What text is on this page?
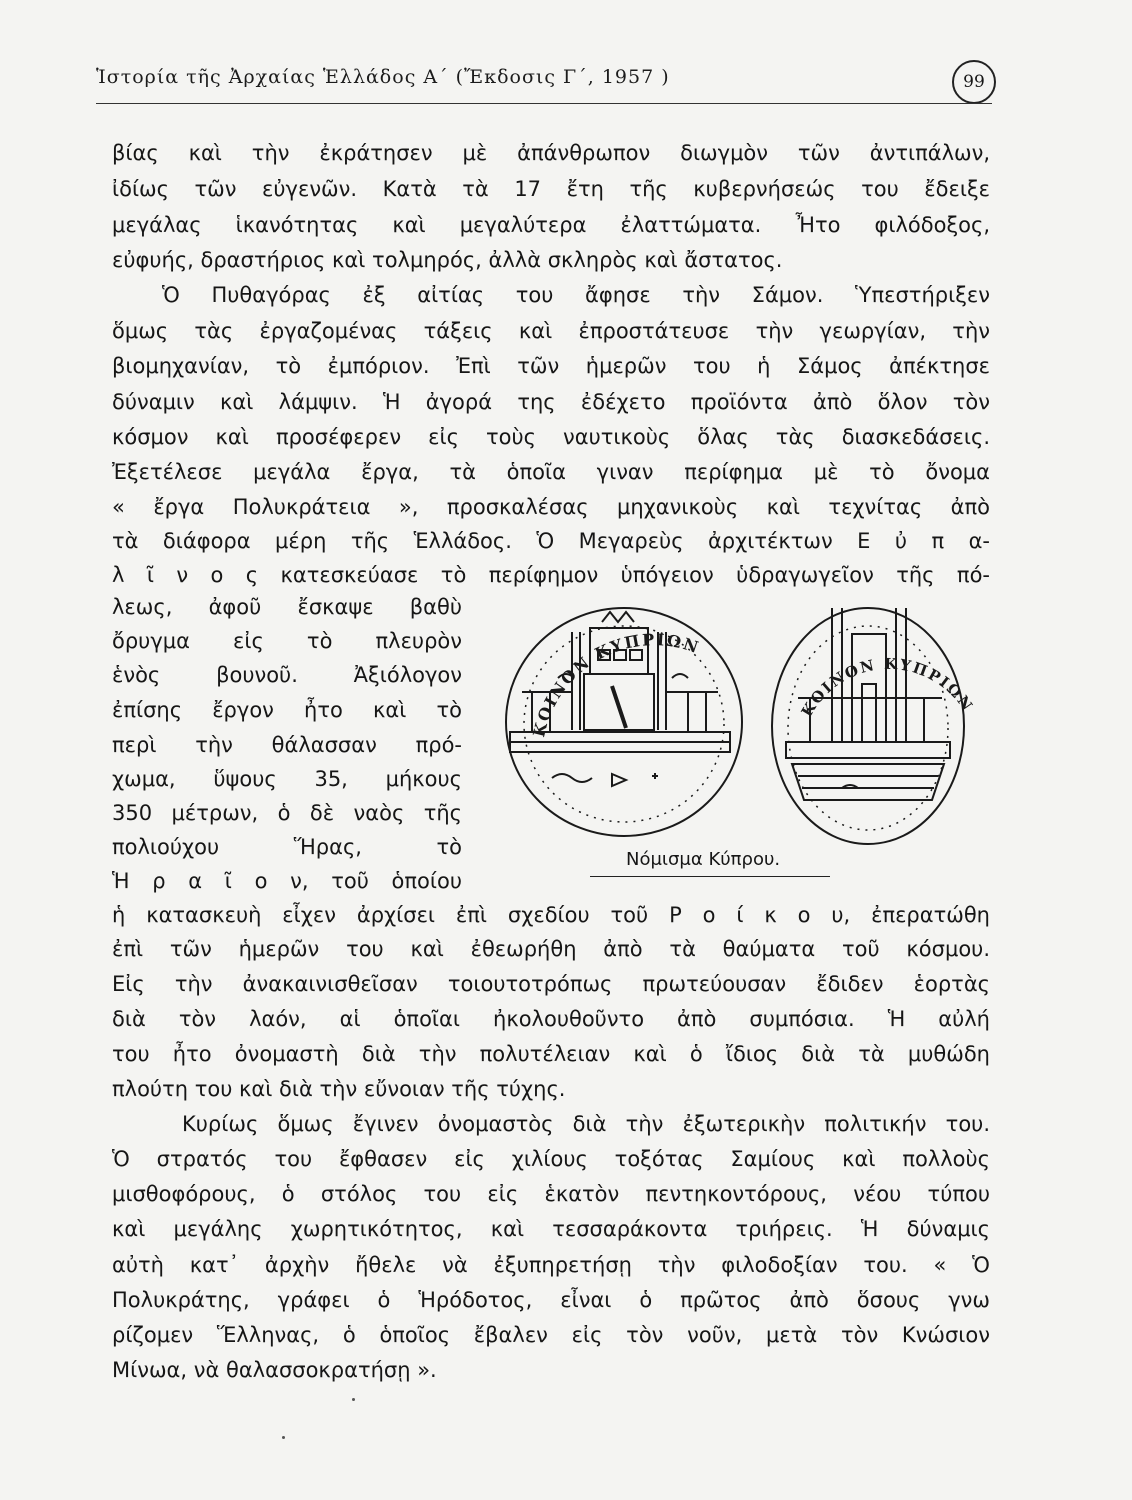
Ἱστορία τῆς Ἀρχαίας Ἑλλάδος Α΄ (Ἔκδοσις Γ΄, 1957 )	99
βίας καὶ τὴν ἐκράτησεν μὲ ἀπάνθρωπον διωγμὸν τῶν ἀντιπάλων,
ἰδίως τῶν εὐγενῶν. Κατὰ τὰ 17 ἔτη τῆς κυβερνήσεώς του ἔδειξε
μεγάλας ἱκανότητας καὶ μεγαλύτερα ἐλαττώματα. Ἦτο φιλόδοξος,
εὐφυής, δραστήριος καὶ τολμηρός, ἀλλὰ σκληρὸς καὶ ἄστατος.
Ὁ Πυθαγόρας ἐξ αἰτίας του ἄφησε τὴν Σάμον. Ὑπεστήριξεν
ὅμως τὰς ἐργαζομένας τάξεις καὶ ἐπροστάτευσε τὴν γεωργίαν, τὴν
βιομηχανίαν, τὸ ἐμπόριον. Ἐπὶ τῶν ἡμερῶν του ἡ Σάμος ἀπέκτησε
δύναμιν καὶ λάμψιν. Ἡ ἀγορά της ἐδέχετο προϊόντα ἀπὸ ὅλον τὸν
κόσμον καὶ προσέφερεν εἰς τοὺς ναυτικοὺς ὅλας τὰς διασκεδάσεις.
Ἐξετέλεσε μεγάλα ἔργα, τὰ ὁποῖα γιναν περίφημα μὲ τὸ ὄνομα
« ἔργα Πολυκράτεια », προσκαλέσας μηχανικοὺς καὶ τεχνίτας ἀπὸ
τὰ διάφορα μέρη τῆς Ἑλλάδος. Ὁ Μεγαρεὺς ἀρχιτέκτων Ε ὐ π α-
λ ῖ ν ο ς κατεσκεύασε τὸ περίφημον ὑπόγειον ὑδραγωγεῖον τῆς πό-
λεως, ἀφοῦ ἔσκαψε βαθὺ
ὄρυγμα εἰς τὸ πλευρὸν
ἑνὸς βουνοῦ. Ἀξιόλογον
ἐπίσης ἔργον ἦτο καὶ τὸ
περὶ τὴν θάλασσαν πρό-
χωμα, ὕψους 35, μήκους
350 μέτρων, ὁ δὲ ναὸς τῆς
πολιούχου Ἥρας, τὸ
Ἡ ρ α ῖ ο ν, τοῦ ὁποίου
ἡ κατασκευὴ εἶχεν ἀρχίσει ἐπὶ σχεδίου τοῦ Ρ ο ί κ ο υ, ἐπερατώθη
ἐπὶ τῶν ἡμερῶν του καὶ ἐθεωρήθη ἀπὸ τὰ θαύματα τοῦ κόσμου.
Εἰς τὴν ἀνακαινισθεῖσαν τοιουτοτρόπως πρωτεύουσαν ἔδιδεν ἑορτὰς
διὰ τὸν λαόν, αἱ ὁποῖαι ἠκολουθοῦντο ἀπὸ συμπόσια. Ἡ αὐλή
του ἦτο ὀνομαστὴ διὰ τὴν πολυτέλειαν καὶ ὁ ἴδιος διὰ τὰ μυθώδη
πλούτη του καὶ διὰ τὴν εὔνοιαν τῆς τύχης.
Κυρίως ὅμως ἔγινεν ὀνομαστὸς διὰ τὴν ἐξωτερικὴν πολιτικήν του.
Ὁ στρατός του ἔφθασεν εἰς χιλίους τοξότας Σαμίους καὶ πολλοὺς
μισθοφόρους, ὁ στόλος του εἰς ἑκατὸν πεντηκοντόρους, νέου τύπου
καὶ μεγάλης χωρητικότητος, καὶ τεσσαράκοντα τριήρεις. Ἡ δύναμις
αὐτὴ κατ᾽ ἀρχὴν ἤθελε νὰ ἐξυπηρετήσῃ τὴν φιλοδοξίαν του. « Ὁ
Πολυκράτης, γράφει ὁ Ἡρόδοτος, εἶναι ὁ πρῶτος ἀπὸ ὅσους γνω
ρίζομεν Ἕλληνας, ὁ ὁποῖος ἔβαλεν εἰς τὸν νοῦν, μετὰ τὸν Κνώσιον
Μίνωα, νὰ θαλασσοκρατήσῃ ».
ΚΟΙΝΟΝ ΚΥΠΡΙΩΝ
ΚΟΙΝΟΝ ΚΥΠΡΙΩΝ
Νόμισμα Κύπρου.
